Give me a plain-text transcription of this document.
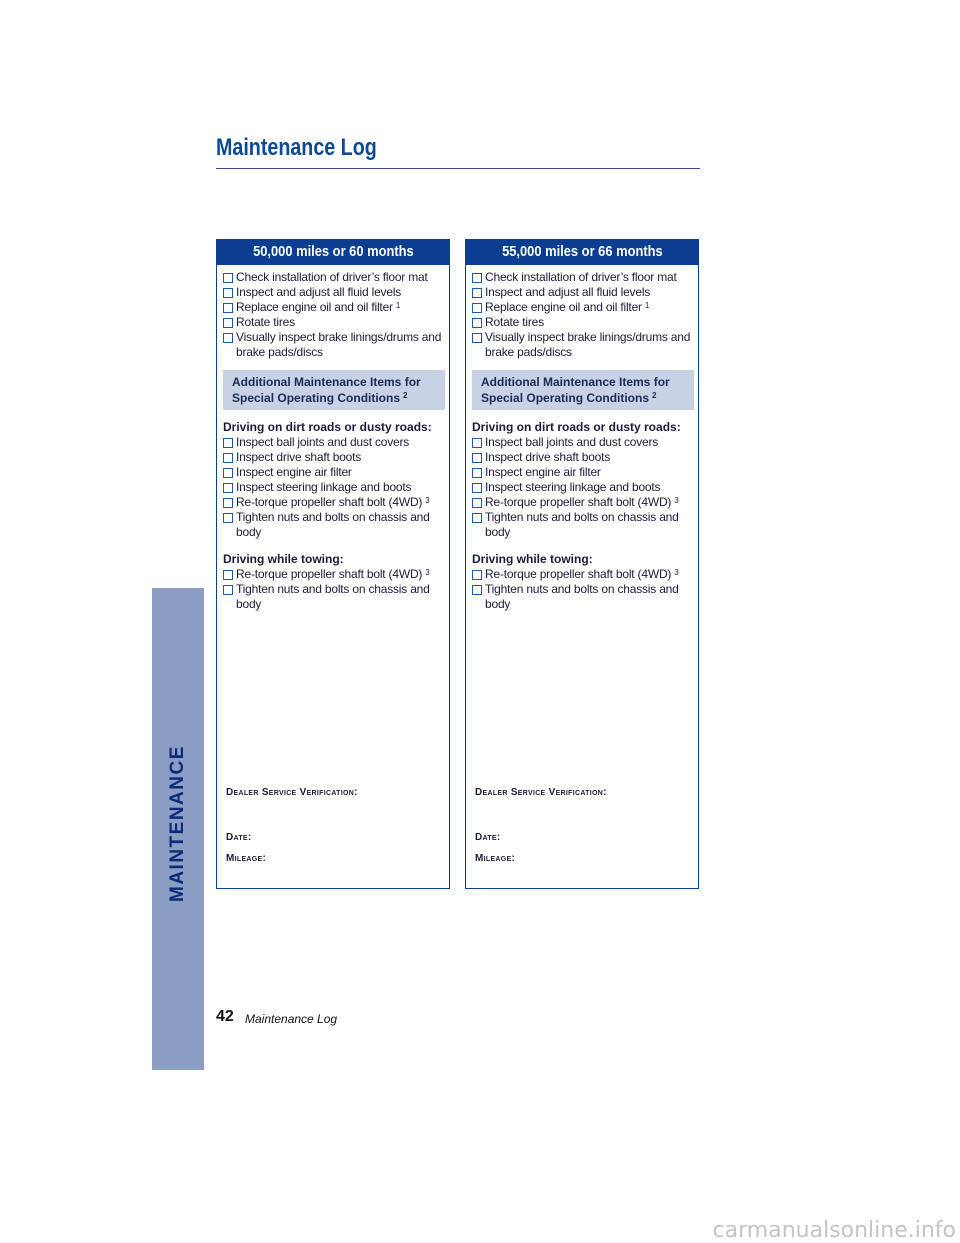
MAINTENANCE
Maintenance Log
50,000 miles or 60 months
Check installation of driver’s floor mat
Inspect and adjust all fluid levels
Replace engine oil and oil filter $^1$
Rotate tires
Visually inspect brake linings/drums and brake pads/discs
Additional Maintenance Items for Special Operating Conditions $^2$
Driving on dirt roads or dusty roads:
Inspect ball joints and dust covers
Inspect drive shaft boots
Inspect engine air filter
Inspect steering linkage and boots
Re-torque propeller shaft bolt (4WD) $^3$
Tighten nuts and bolts on chassis and body
Driving while towing:
Re-torque propeller shaft bolt (4WD) $^3$
Tighten nuts and bolts on chassis and body
Dealer Service Verification:
Date:
Mileage:
55,000 miles or 66 months
Check installation of driver’s floor mat
Inspect and adjust all fluid levels
Replace engine oil and oil filter $^1$
Rotate tires
Visually inspect brake linings/drums and brake pads/discs
Additional Maintenance Items for Special Operating Conditions $^2$
Driving on dirt roads or dusty roads:
Inspect ball joints and dust covers
Inspect drive shaft boots
Inspect engine air filter
Inspect steering linkage and boots
Re-torque propeller shaft bolt (4WD) $^3$
Tighten nuts and bolts on chassis and body
Driving while towing:
Re-torque propeller shaft bolt (4WD) $^3$
Tighten nuts and bolts on chassis and body
Dealer Service Verification:
Date:
Mileage:
42 Maintenance Log
carmanualsonline.info
